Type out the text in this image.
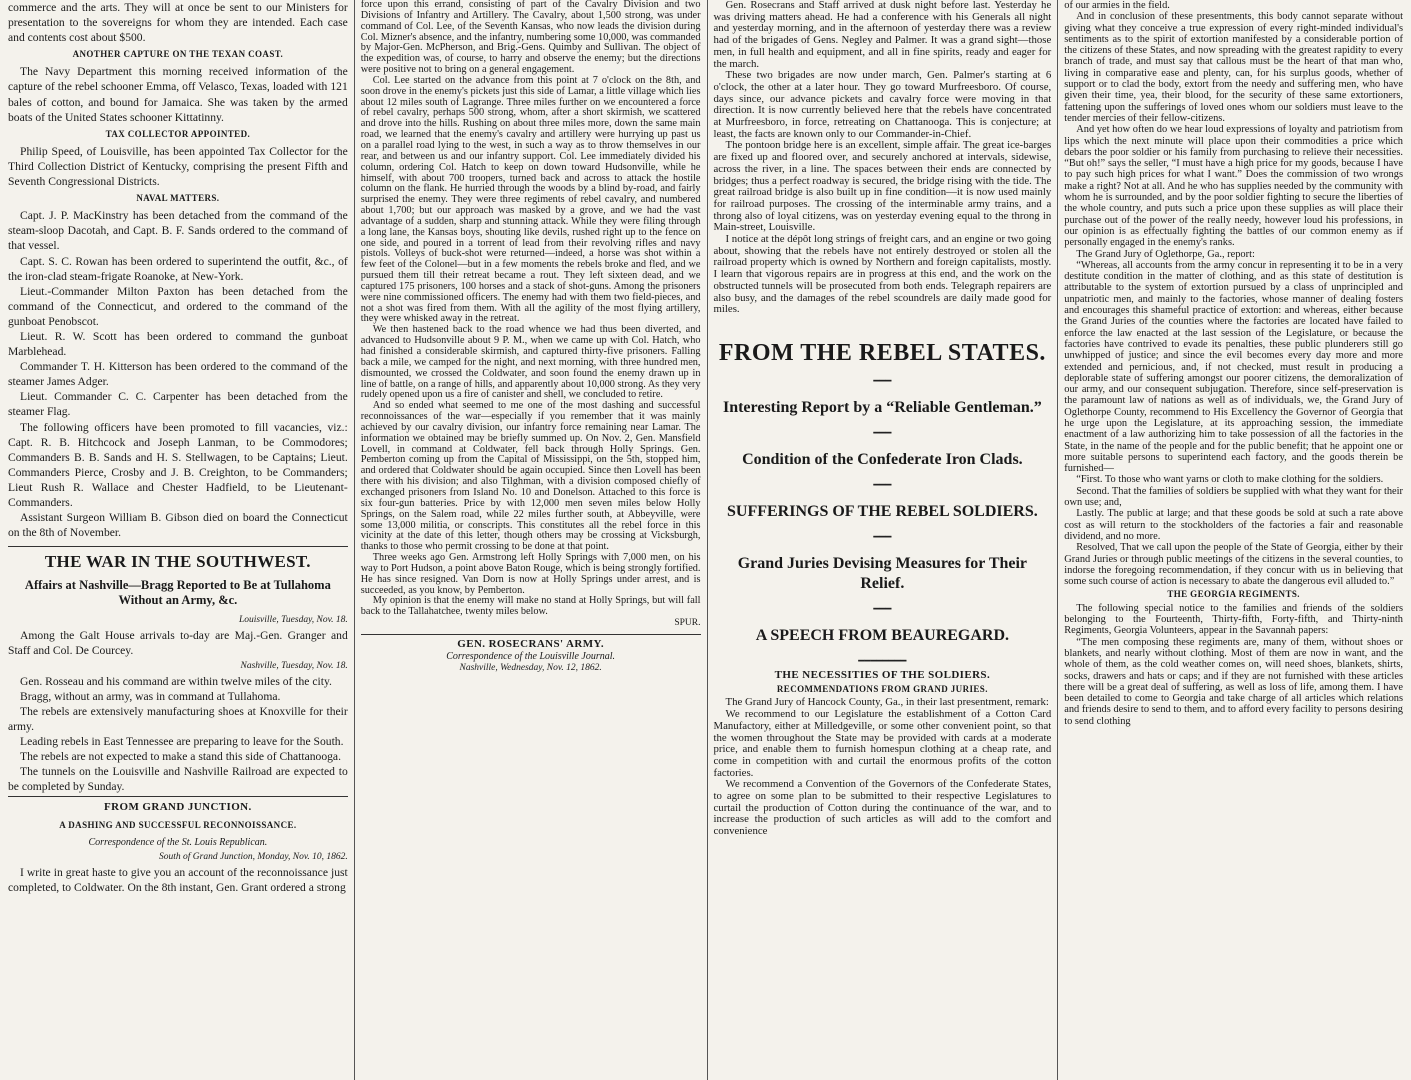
commerce and the arts. They will at once be sent to our Ministers for presentation to the sovereigns for whom they are intended. Each case and contents cost about $500.

ANOTHER CAPTURE ON THE TEXAN COAST.

The Navy Department this morning received information of the capture of the rebel schooner Emma, off Velasco, Texas, loaded with 121 bales of cotton, and bound for Jamaica. She was taken by the armed boats of the United States schooner Kittatinny.

TAX COLLECTOR APPOINTED.

Philip Speed, of Louisville, has been appointed Tax Collector for the Third Collection District of Kentucky, comprising the present Fifth and Seventh Congressional Districts.

NAVAL MATTERS.

Capt. J. P. MacKinstry has been detached from the command of the steam-sloop Dacotah, and Capt. B. F. Sands ordered to the command of that vessel.

Capt. S. C. Rowan has been ordered to superintend the outfit, &c., of the iron-clad steam-frigate Roanoke, at New-York.

Lieut.-Commander Milton Paxton has been detached from the command of the Connecticut, and ordered to the command of the gunboat Penobscot.

Lieut. R. W. Scott has been ordered to command the gunboat Marblehead.

Commander T. H. Kitterson has been ordered to the command of the steamer James Adger.

Lieut. Commander C. C. Carpenter has been detached from the steamer Flag.

The following officers have been promoted to fill vacancies, viz.: Capt. R. B. Hitchcock and Joseph Lanman, to be Commodores; Commanders B. B. Sands and H. S. Stellwagen, to be Captains; Lieut. Commanders Pierce, Crosby and J. B. Creighton, to be Commanders; Lieut Rush R. Wallace and Chester Hadfield, to be Lieutenant-Commanders.

Assistant Surgeon William B. Gibson died on board the Connecticut on the 8th of November.

THE WAR IN THE SOUTHWEST.
Affairs at Nashville—Bragg Reported to Be at Tullahoma Without an Army, &c.
Louisville, Tuesday, Nov. 18.

Among the Galt House arrivals to-day are Maj.-Gen. Granger and Staff and Col. De Courcey.

Nashville, Tuesday, Nov. 18.

Gen. Rosseau and his command are within twelve miles of the city.

Bragg, without an army, was in command at Tullahoma.

The rebels are extensively manufacturing shoes at Knoxville for their army.

Leading rebels in East Tennessee are preparing to leave for the South.

The rebels are not expected to make a stand this side of Chattanooga.

The tunnels on the Louisville and Nashville Railroad are expected to be completed by Sunday.

FROM GRAND JUNCTION.
A DASHING AND SUCCESSFUL RECONNOISSANCE.
Correspondence of the St. Louis Republican.
South of Grand Junction, Monday, Nov. 10, 1862.

I write in great haste to give you an account of the reconnoissance just completed, to Coldwater. On the 8th instant, Gen. Grant ordered a strong

force upon this errand, consisting of part of the Cavalry Division and two Divisions of Infantry and Artillery. The Cavalry, about 1,500 strong, was under command of Col. Lee, of the Seventh Kansas, who now leads the division during Col. Mizner's absence, and the infantry, numbering some 10,000, was commanded by Major-Gen. McPherson, and Brig.-Gens. Quimby and Sullivan. The object of the expedition was, of course, to harry and observe the enemy; but the directions were positive not to bring on a general engagement.

Col. Lee started on the advance from this point at 7 o'clock on the 8th, and soon drove in the enemy's pickets just this side of Lamar, a little village which lies about 12 miles south of Lagrange. Three miles further on we encountered a force of rebel cavalry, perhaps 500 strong, whom, after a short skirmish, we scattered and drove into the hills. Rushing on about three miles more, down the same main road, we learned that the enemy's cavalry and artillery were hurrying up past us on a parallel road lying to the west, in such a way as to throw themselves in our rear, and between us and our infantry support. Col. Lee immediately divided his column, ordering Col. Hatch to keep on down toward Hudsonville, while he himself, with about 700 troopers, turned back and across to attack the hostile column on the flank. He hurried through the woods by a blind by-road, and fairly surprised the enemy. They were three regiments of rebel cavalry, and numbered about 1,700; but our approach was masked by a grove, and we had the vast advantage of a sudden, sharp and stunning attack. While they were filing through a long lane, the Kansas boys, shouting like devils, rushed right up to the fence on one side, and poured in a torrent of lead from their revolving rifles and navy pistols. Volleys of buck-shot were returned—indeed, a horse was shot within a few feet of the Colonel—but in a few moments the rebels broke and fled, and we pursued them till their retreat became a rout. They left sixteen dead, and we captured 175 prisoners, 100 horses and a stack of shot-guns. Among the prisoners were nine commissioned officers. The enemy had with them two field-pieces, and not a shot was fired from them. With all the agility of the most flying artillery, they were whisked away in the retreat.

We then hastened back to the road whence we had thus been diverted, and advanced to Hudsonville about 9 P. M., when we came up with Col. Hatch, who had finished a considerable skirmish, and captured thirty-five prisoners. Falling back a mile, we camped for the night, and next morning, with three hundred men, dismounted, we crossed the Coldwater, and soon found the enemy drawn up in line of battle, on a range of hills, and apparently about 10,000 strong. As they very rudely opened upon us a fire of canister and shell, we concluded to retire.

And so ended what seemed to me one of the most dashing and successful reconnoissances of the war—especially if you remember that it was mainly achieved by our cavalry division, our infantry force remaining near Lamar. The information we obtained may be briefly summed up. On Nov. 2, Gen. Mansfield Lovell, in command at Coldwater, fell back through Holly Springs. Gen. Pemberton coming up from the Capital of Mississippi, on the 5th, stopped him, and ordered that Coldwater should be again occupied. Since then Lovell has been there with his division; and also Tilghman, with a division composed chiefly of exchanged prisoners from Island No. 10 and Donelson. Attached to this force is six four-gun batteries. Price by with 12,000 men seven miles below Holly Springs, on the Salem road, while 22 miles further south, at Abbeyville, were some 13,000 militia, or conscripts. This constitutes all the rebel force in this vicinity at the date of this letter, though others may be crossing at Vicksburgh, thanks to those who permit crossing to be done at that point.

Three weeks ago Gen. Armstrong left Holly Springs with 7,000 men, on his way to Port Hudson, a point above Baton Rouge, which is being strongly fortified. He has since resigned. Van Dorn is now at Holly Springs under arrest, and is succeeded, as you know, by Pemberton.

My opinion is that the enemy will make no stand at Holly Springs, but will fall back to the Tallahatchee, twenty miles below.

SPUR.
GEN. ROSECRANS' ARMY.
Correspondence of the Louisville Journal.
Nashville, Wednesday, Nov. 12, 1862.

Gen. Rosecrans and Staff arrived at dusk night before last. Yesterday he was driving matters ahead. He had a conference with his Generals all night and yesterday morning, and in the afternoon of yesterday there was a review had of the brigades of Gens. Negley and Palmer. It was a grand sight—those men, in full health and equipment, and all in fine spirits, ready and eager for the march.

These two brigades are now under march, Gen. Palmer's starting at 6 o'clock, the other at a later hour. They go toward Murfreesboro. Of course, days since, our advance pickets and cavalry force were moving in that direction. It is now currently believed here that the rebels have concentrated at Murfreesboro, in force, retreating on Chattanooga. This is conjecture; at least, the facts are known only to our Commander-in-Chief.

The pontoon bridge here is an excellent, simple affair. The great ice-barges are fixed up and floored over, and securely anchored at intervals, sidewise, across the river, in a line. The spaces between their ends are connected by bridges; thus a perfect roadway is secured, the bridge rising with the tide. The great railroad bridge is also built up in fine condition—it is now used mainly for railroad purposes. The crossing of the interminable army trains, and a throng also of loyal citizens, was on yesterday evening equal to the throng in Main-street, Louisville.

I notice at the dépôt long strings of freight cars, and an engine or two going about, showing that the rebels have not entirely destroyed or stolen all the railroad property which is owned by Northern and foreign capitalists, mostly. I learn that vigorous repairs are in progress at this end, and the work on the obstructed tunnels will be prosecuted from both ends. Telegraph repairers are also busy, and the damages of the rebel scoundrels are daily made good for miles.

FROM THE REBEL STATES.
━━━
Interesting Report by a “Reliable Gentleman.”
━━━
Condition of the Confederate Iron Clads.
━━━
SUFFERINGS OF THE REBEL SOLDIERS.
━━━
Grand Juries Devising Measures for Their Relief.
━━━
A SPEECH FROM BEAUREGARD.
━━━━━━━━
THE NECESSITIES OF THE SOLDIERS.
RECOMMENDATIONS FROM GRAND JURIES.

The Grand Jury of Hancock County, Ga., in their last presentment, remark:

We recommend to our Legislature the establishment of a Cotton Card Manufactory, either at Milledgeville, or some other convenient point, so that the women throughout the State may be provided with cards at a moderate price, and enable them to furnish homespun clothing at a cheap rate, and come in competition with and curtail the enormous profits of the cotton factories.

We recommend a Convention of the Governors of the Confederate States, to agree on some plan to be submitted to their respective Legislatures to curtail the production of Cotton during the continuance of the war, and to increase the production of such articles as will add to the comfort and convenience

of our armies in the field.

And in conclusion of these presentments, this body cannot separate without giving what they conceive a true expression of every right-minded individual's sentiments as to the spirit of extortion manifested by a considerable portion of the citizens of these States, and now spreading with the greatest rapidity to every branch of trade, and must say that callous must be the heart of that man who, living in comparative ease and plenty, can, for his surplus goods, whether of support or to clad the body, extort from the needy and suffering men, who have given their time, yea, their blood, for the security of these same extortioners, fattening upon the sufferings of loved ones whom our soldiers must leave to the tender mercies of their fellow-citizens.

And yet how often do we hear loud expressions of loyalty and patriotism from lips which the next minute will place upon their commodities a price which debars the poor soldier or his family from purchasing to relieve their necessities. “But oh!” says the seller, “I must have a high price for my goods, because I have to pay such high prices for what I want.” Does the commission of two wrongs make a right? Not at all. And he who has supplies needed by the community with whom he is surrounded, and by the poor soldier fighting to secure the liberties of the whole country, and puts such a price upon these supplies as will place their purchase out of the power of the really needy, however loud his professions, in our opinion is as effectually fighting the battles of our common enemy as if personally engaged in the enemy's ranks.

The Grand Jury of Oglethorpe, Ga., report:

“Whereas, all accounts from the army concur in representing it to be in a very destitute condition in the matter of clothing, and as this state of destitution is attributable to the system of extortion pursued by a class of unprincipled and unpatriotic men, and mainly to the factories, whose manner of dealing fosters and encourages this shameful practice of extortion: and whereas, either because the Grand Juries of the counties where the factories are located have failed to enforce the law enacted at the last session of the Legislature, or because the factories have contrived to evade its penalties, these public plunderers still go unwhipped of justice; and since the evil becomes every day more and more extended and pernicious, and, if not checked, must result in producing a deplorable state of suffering amongst our poorer citizens, the demoralization of our army, and our consequent subjugation. Therefore, since self-preservation is the paramount law of nations as well as of individuals, we, the Grand Jury of Oglethorpe County, recommend to His Excellency the Governor of Georgia that he urge upon the Legislature, at its approaching session, the immediate enactment of a law authorizing him to take possession of all the factories in the State, in the name of the people and for the public benefit; that he appoint one or more suitable persons to superintend each factory, and the goods therein be furnished—

“First. To those who want yarns or cloth to make clothing for the soldiers.

Second. That the families of soldiers be supplied with what they want for their own use; and,

Lastly. The public at large; and that these goods be sold at such a rate above cost as will return to the stockholders of the factories a fair and reasonable dividend, and no more.

Resolved, That we call upon the people of the State of Georgia, either by their Grand Juries or through public meetings of the citizens in the several counties, to indorse the foregoing recommendation, if they concur with us in believing that some such course of action is necessary to abate the dangerous evil alluded to.”

THE GEORGIA REGIMENTS.

The following special notice to the families and friends of the soldiers belonging to the Fourteenth, Thirty-fifth, Forty-fifth, and Thirty-ninth Regiments, Georgia Volunteers, appear in the Savannah papers:

“The men composing these regiments are, many of them, without shoes or blankets, and nearly without clothing. Most of them are now in want, and the whole of them, as the cold weather comes on, will need shoes, blankets, shirts, socks, drawers and hats or caps; and if they are not furnished with these articles there will be a great deal of suffering, as well as loss of life, among them. I have been detailed to come to Georgia and take charge of all articles which relations and friends desire to send to them, and to afford every facility to persons desiring to send clothing
